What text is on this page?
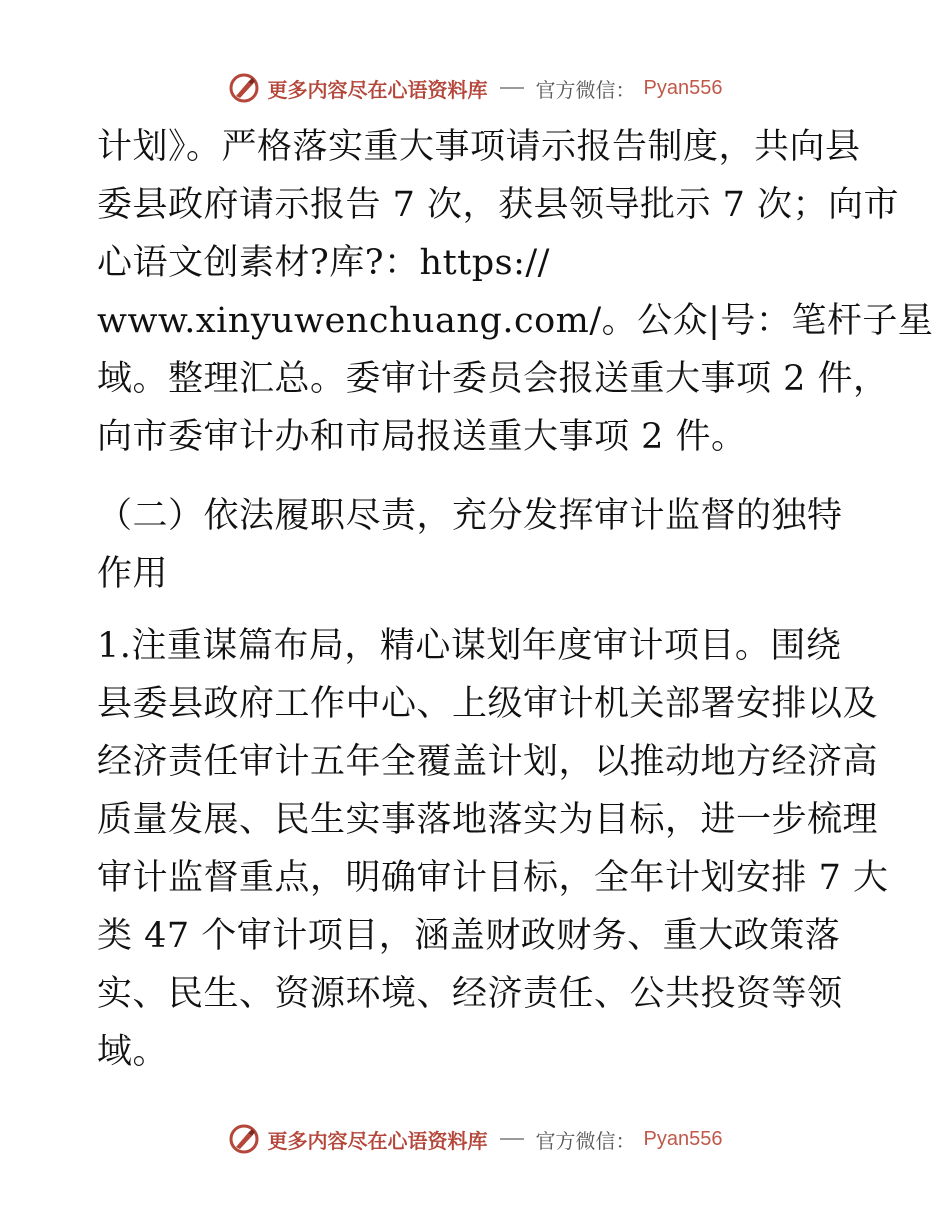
更多内容尽在心语资料库 官方微信： Pyan556
计划》。严格落实重大事项请示报告制度，共向县
委县政府请示报告 7 次，获县领导批示 7 次；向市
心语文创素材?库?：https://
www.xinyuwenchuang.com/。公众|号：笔杆子星
域。整理汇总。委审计委员会报送重大事项 2 件，
向市委审计办和市局报送重大事项 2 件。
（二）依法履职尽责，充分发挥审计监督的独特
作用
1.注重谋篇布局，精心谋划年度审计项目。围绕
县委县政府工作中心、上级审计机关部署安排以及
经济责任审计五年全覆盖计划，以推动地方经济高
质量发展、民生实事落地落实为目标，进一步梳理
审计监督重点，明确审计目标，全年计划安排 7 大
类 47 个审计项目，涵盖财政财务、重大政策落
实、民生、资源环境、经济责任、公共投资等领
域。
更多内容尽在心语资料库 官方微信： Pyan556
